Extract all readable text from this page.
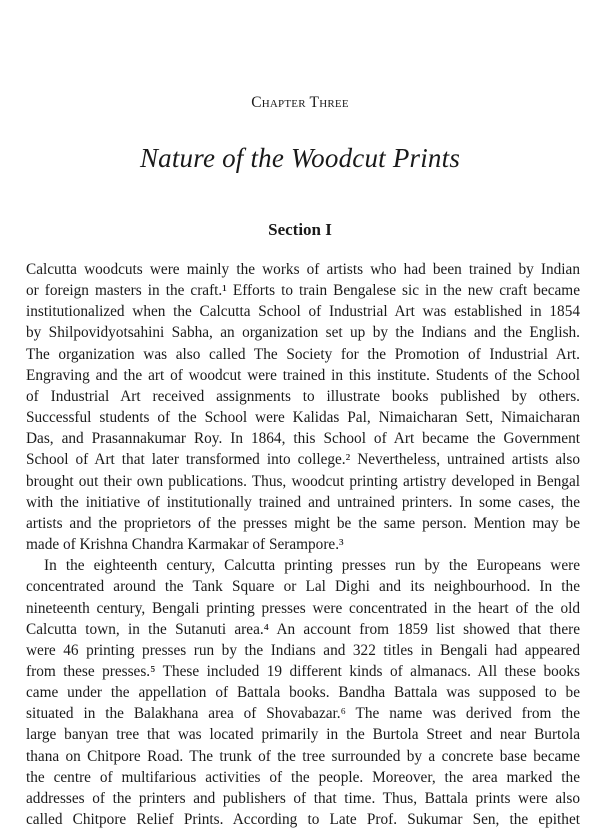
Chapter Three
Nature of the Woodcut Prints
Section I
Calcutta woodcuts were mainly the works of artists who had been trained by Indian
or foreign masters in the craft.¹ Efforts to train Bengalese sic in the new craft became
institutionalized when the Calcutta School of Industrial Art was established in 1854
by Shilpovidyotsahini Sabha, an organization set up by the Indians and the English.
The organization was also called The Society for the Promotion of Industrial Art.
Engraving and the art of woodcut were trained in this institute. Students of the School
of Industrial Art received assignments to illustrate books published by others.
Successful students of the School were Kalidas Pal, Nimaicharan Sett, Nimaicharan
Das, and Prasannakumar Roy. In 1864, this School of Art became the Government
School of Art that later transformed into college.² Nevertheless, untrained artists also
brought out their own publications. Thus, woodcut printing artistry developed in Bengal
with the initiative of institutionally trained and untrained printers. In some cases, the
artists and the proprietors of the presses might be the same person. Mention may be
made of Krishna Chandra Karmakar of Serampore.³
In the eighteenth century, Calcutta printing presses run by the Europeans were
concentrated around the Tank Square or Lal Dighi and its neighbourhood. In the
nineteenth century, Bengali printing presses were concentrated in the heart of the old
Calcutta town, in the Sutanuti area.⁴ An account from 1859 list showed that there
were 46 printing presses run by the Indians and 322 titles in Bengali had appeared
from these presses.⁵ These included 19 different kinds of almanacs. All these books
came under the appellation of Battala books. Bandha Battala was supposed to be
situated in the Balakhana area of Shovabazar.⁶ The name was derived from the
large banyan tree that was located primarily in the Burtola Street and near Burtola
thana on Chitpore Road. The trunk of the tree surrounded by a concrete base became
the centre of multifarious activities of the people. Moreover, the area marked the
addresses of the printers and publishers of that time. Thus, Battala prints were also
called Chitpore Relief Prints. According to Late Prof. Sukumar Sen, the epithet
